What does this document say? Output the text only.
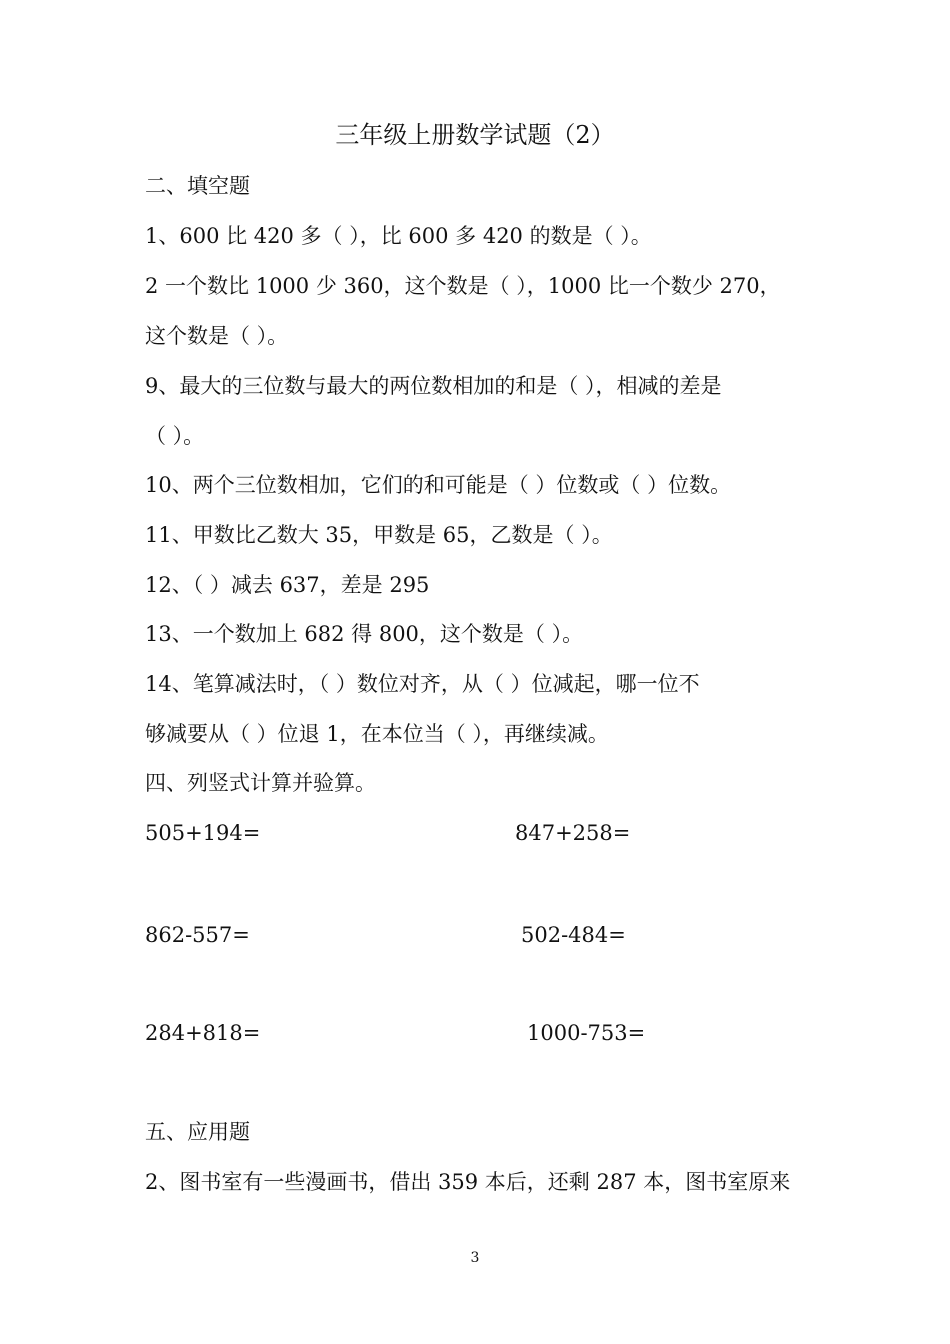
三年级上册数学试题（2）
二、填空题
1、600 比 420 多（ ），比 600 多 420 的数是（ ）。
2 一个数比 1000 少 360，这个数是（ ），1000 比一个数少 270，
这个数是（ ）。
9、最大的三位数与最大的两位数相加的和是（ ），相减的差是
（ ）。
10、两个三位数相加，它们的和可能是（ ）位数或（ ）位数。
11、甲数比乙数大 35，甲数是 65，乙数是（ ）。
12、（ ）减去 637，差是 295
13、一个数加上 682 得 800，这个数是（ ）。
14、笔算减法时，（ ）数位对齐，从（ ）位减起，哪一位不
够减要从（ ）位退 1，在本位当（ ），再继续减。
四、列竖式计算并验算。
505+194=	847+258=
862-557=	502-484=
284+818=	1000-753=
五、应用题
2、图书室有一些漫画书，借出 359 本后，还剩 287 本，图书室原来
3
